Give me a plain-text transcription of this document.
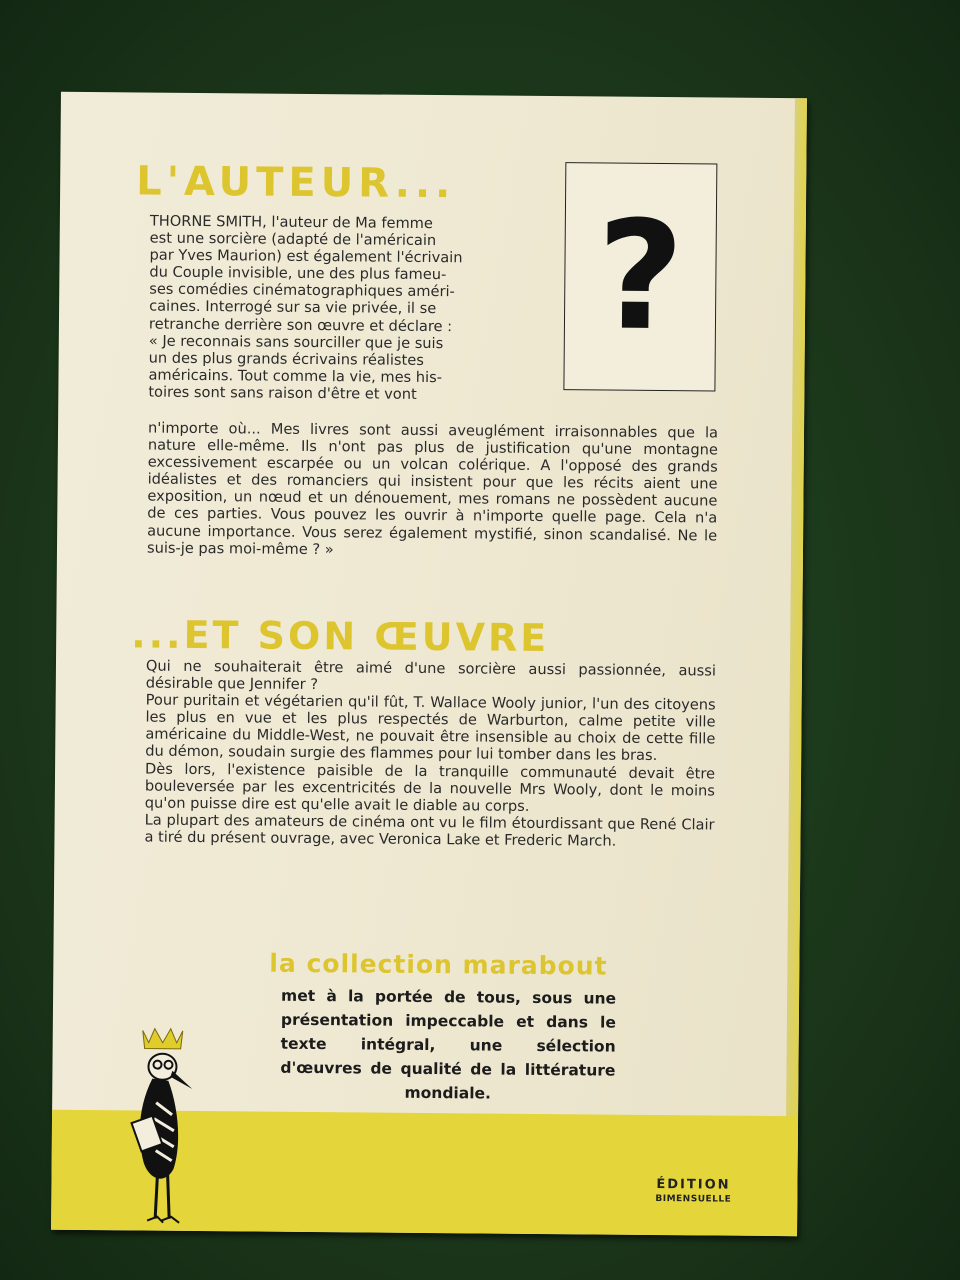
L'AUTEUR...
?

THORNE SMITH, l'auteur de Ma femme

est une sorcière (adapté de l'américain

par Yves Maurion) est également l'écrivain

du Couple invisible, une des plus fameu-

ses comédies cinématographiques améri-

caines. Interrogé sur sa vie privée, il se

retranche derrière son œuvre et déclare :

« Je reconnais sans sourciller que je suis

un des plus grands écrivains réalistes

américains. Tout comme la vie, mes his-

toires sont sans raison d'être et vont

n'importe où... Mes livres sont aussi aveuglément irraisonnables que la nature elle-même. Ils n'ont pas plus de justification qu'une montagne excessivement escarpée ou un volcan colérique. A l'opposé des grands idéalistes et des romanciers qui insistent pour que les récits aient une exposition, un nœud et un dénouement, mes romans ne possèdent aucune de ces parties. Vous pouvez les ouvrir à n'importe quelle page. Cela n'a aucune importance. Vous serez également mystifié, sinon scandalisé. Ne le suis-je pas moi-même ? »
...ET SON ŒUVRE

Qui ne souhaiterait être aimé d'une sorcière aussi passionnée, aussi désirable que Jennifer ?

Pour puritain et végétarien qu'il fût, T. Wallace Wooly junior, l'un des citoyens les plus en vue et les plus respectés de Warburton, calme petite ville américaine du Middle-West, ne pouvait être insensible au choix de cette fille du démon, soudain surgie des flammes pour lui tomber dans les bras.

Dès lors, l'existence paisible de la tranquille communauté devait être bouleversée par les excentricités de la nouvelle Mrs Wooly, dont le moins qu'on puisse dire est qu'elle avait le diable au corps.

La plupart des amateurs de cinéma ont vu le film étourdissant que René Clair a tiré du présent ouvrage, avec Veronica Lake et Frederic March.

la collection marabout
met à la portée de tous, sous une présentation impeccable et dans le texte intégral, une sélection d'œuvres de qualité de la littérature mondiale.
ÉDITION
BIMENSUELLE
